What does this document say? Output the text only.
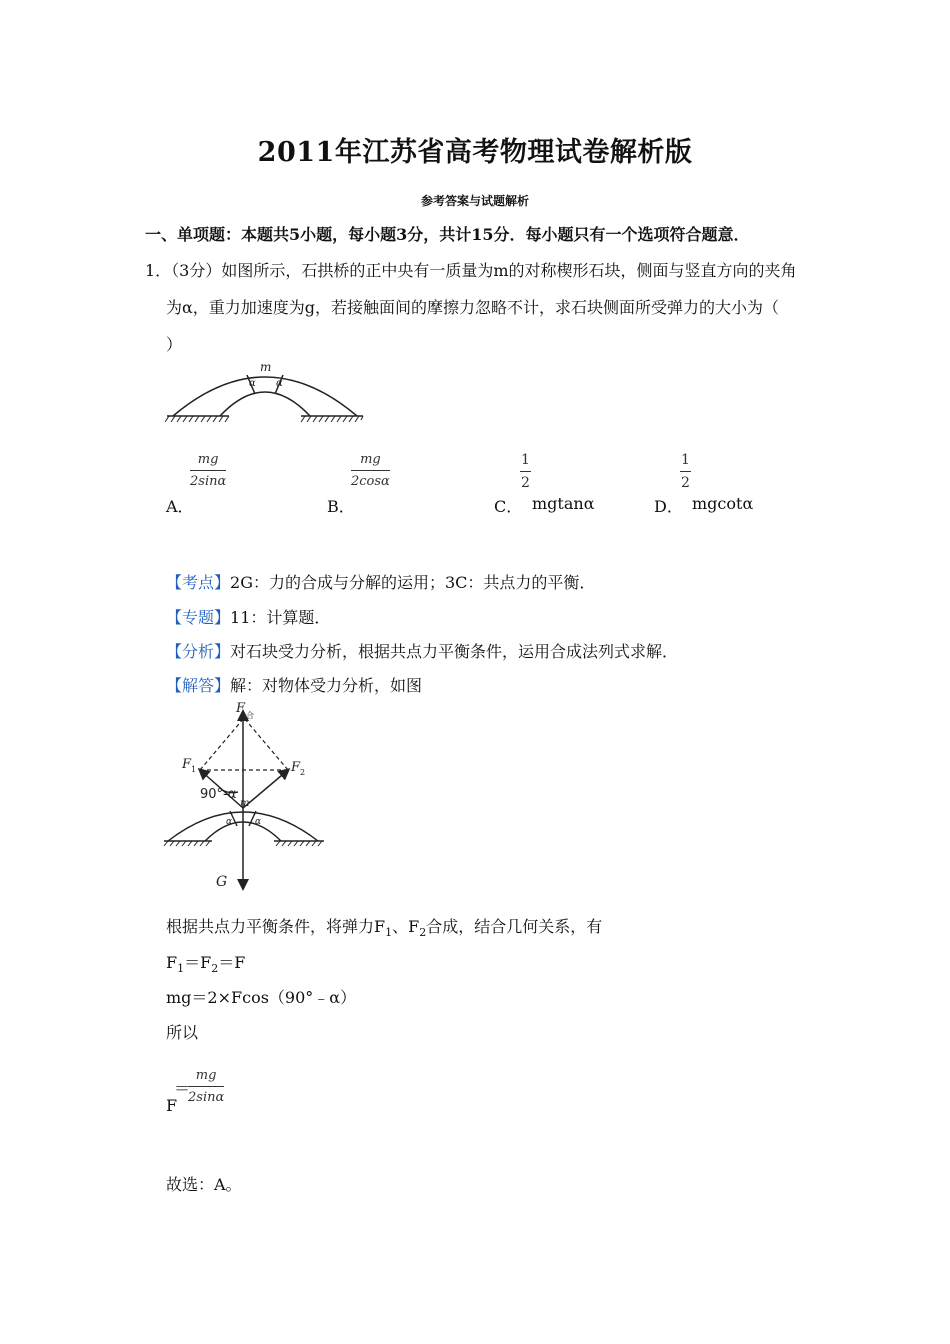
2011年江苏省高考物理试卷解析版
参考答案与试题解析
一、单项题：本题共5小题，每小题3分，共计15分．每小题只有一个选项符合题意．
1．（3分）如图所示，石拱桥的正中央有一质量为m的对称楔形石块，侧面与竖直方向的夹角
为α，重力加速度为g，若接触面间的摩擦力忽略不计，求石块侧面所受弹力的大小为（
）
m
α α
$\frac{mg}{2\sin\alpha}$
A．
$\frac{mg}{2\cos\alpha}$
B．
$\frac{1}{2}$
C． mgtanα
$\frac{1}{2}$
D． mgcotα
【考点】2G：力的合成与分解的运用；3C：共点力的平衡．
【专题】11：计算题．
【分析】对石块受力分析，根据共点力平衡条件，运用合成法列式求解．
【解答】解：对物体受力分析，如图
F 合
F 1	F 2
90°-α
m
α	α
G
根据共点力平衡条件，将弹力$F_1$、$F_2$合成，结合几何关系，有
$F_1=F_2=F$
mg＝2×Fcos（90°﹣α）
所以
＝
$\frac{mg}{2\sin\alpha}$
F
故选：A。
